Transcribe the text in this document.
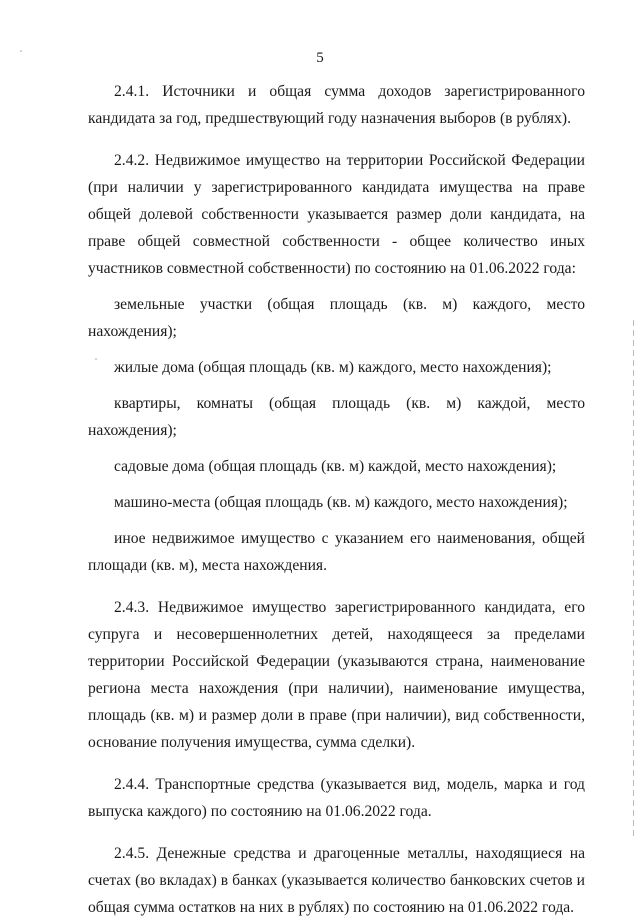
5

2.4.1. Источники и общая сумма доходов зарегистрированного кандидата за год, предшествующий году назначения выборов (в рублях).

2.4.2. Недвижимое имущество на территории Российской Федерации (при наличии у зарегистрированного кандидата имущества на праве общей долевой собственности указывается размер доли кандидата, на праве общей совместной собственности - общее количество иных участников совместной собственности) по состоянию на 01.06.2022 года:

земельные участки (общая площадь (кв. м) каждого, место нахождения);

жилые дома (общая площадь (кв. м) каждого, место нахождения);

квартиры, комнаты (общая площадь (кв. м) каждой, место нахождения);

садовые дома (общая площадь (кв. м) каждой, место нахождения);

машино-места (общая площадь (кв. м) каждого, место нахождения);

иное недвижимое имущество с указанием его наименования, общей площади (кв. м), места нахождения.

2.4.3. Недвижимое имущество зарегистрированного кандидата, его супруга и несовершеннолетних детей, находящееся за пределами территории Российской Федерации (указываются страна, наименование региона места нахождения (при наличии), наименование имущества, площадь (кв. м) и размер доли в праве (при наличии), вид собственности, основание получения имущества, сумма сделки).

2.4.4. Транспортные средства (указывается вид, модель, марка и год выпуска каждого) по состоянию на 01.06.2022 года.

2.4.5. Денежные средства и драгоценные металлы, находящиеся на счетах (во вкладах) в банках (указывается количество банковских счетов и общая сумма остатков на них в рублях) по состоянию на 01.06.2022 года.
